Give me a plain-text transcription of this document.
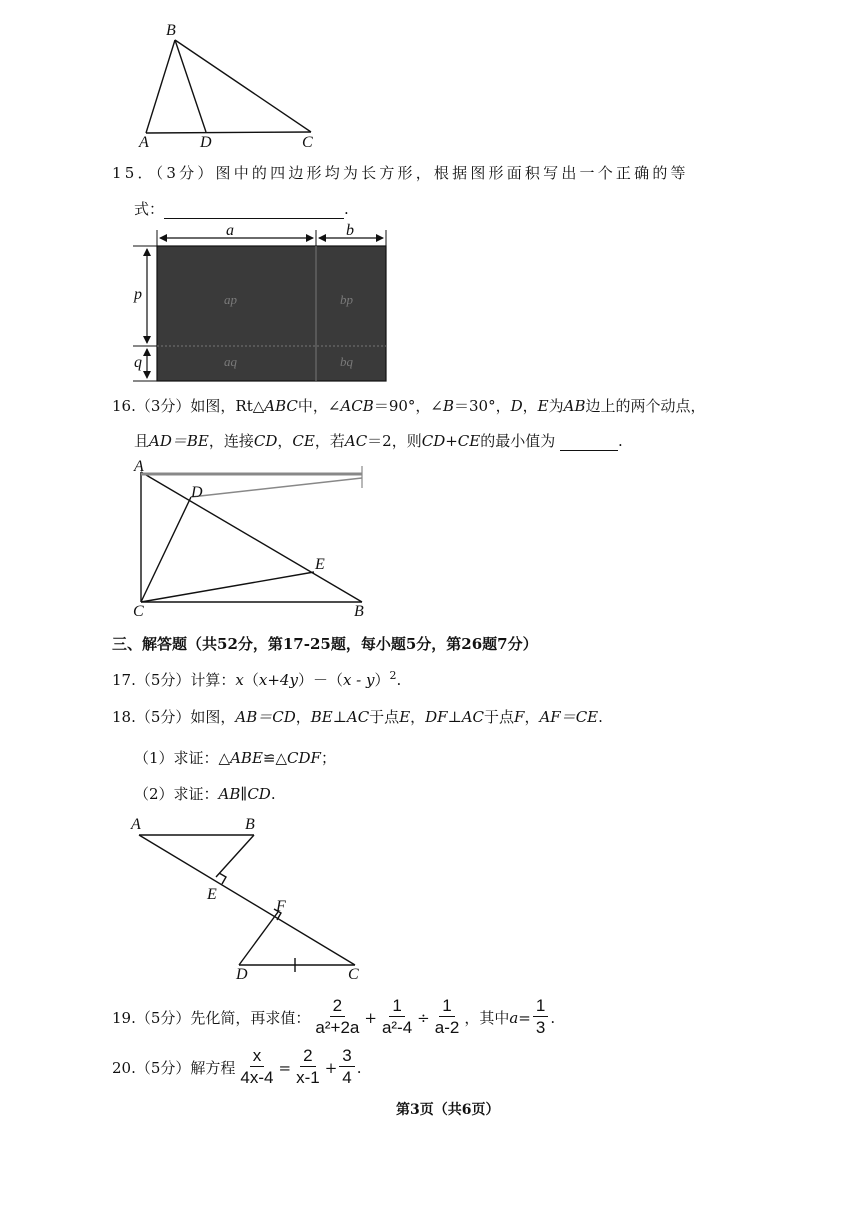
B
A	D	C
15．（3分）图中的四边形均为长方形，根据图形面积写出一个正确的等
式：	.
a	b
p
q
ap	bp
aq	bq
16.（3分）如图，Rt△ABC中，∠ACB＝90°，∠B＝30°，D，E为AB边上的两个动点，
且AD＝BE，连接CD，CE，若AC＝2，则CD+CE的最小值为	.
A
D
E
C	B
三、解答题（共52分，第17-25题，每小题5分，第26题7分）
17.（5分）计算：x（x+4y）－（x - y）$^2$.
18.（5分）如图，AB＝CD，BE⊥AC于点E，DF⊥AC于点F，AF＝CE.
（1）求证：△ABE≌△CDF；
（2）求证：AB∥CD.
A	B
E
F
D	C
19.（5分）先化简，再求值： $\frac{2}{\text{a²+2a}} + \frac{1}{\text{a²-4}} \div \frac{1}{a-2}$ ，其中 $a = \frac{1}{3}$ .
20.（5分）解方程 $\frac{x}{4x-4} = \frac{2}{x-1} + \frac{3}{4}$ .
第3页（共6页）
